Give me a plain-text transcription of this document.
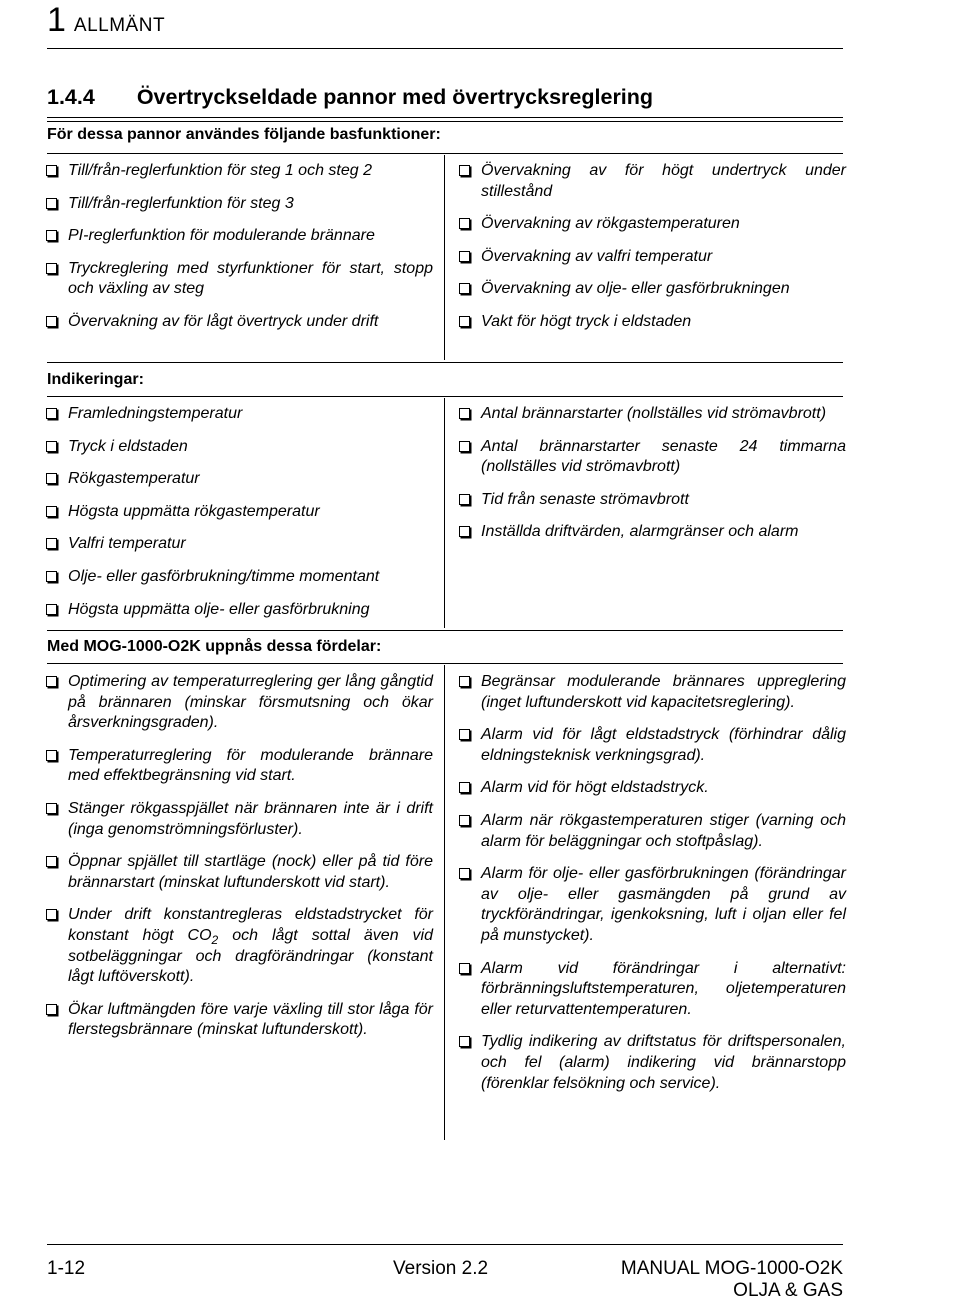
1 ALLMÄNT
1.4.4 Övertryckseldade pannor med övertrycksreglering
För dessa pannor användes följande basfunktioner:
Till/från-reglerfunktion för steg 1 och steg 2
Till/från-reglerfunktion för steg 3
PI-reglerfunktion för modulerande brännare
Tryckreglering med styrfunktioner för start, stopp och växling av steg
Övervakning av för lågt övertryck under drift
Övervakning av för högt undertryck under stillestånd
Övervakning av rökgastemperaturen
Övervakning av valfri temperatur
Övervakning av olje- eller gasförbrukningen
Vakt för högt tryck i eldstaden
Indikeringar:
Framledningstemperatur
Tryck i eldstaden
Rökgastemperatur
Högsta uppmätta rökgastemperatur
Valfri temperatur
Olje- eller gasförbrukning/timme momentant
Högsta uppmätta olje- eller gasförbrukning
Antal brännarstarter (nollställes vid strömavbrott)
Antal brännarstarter senaste 24 timmarna (nollställes vid strömavbrott)
Tid från senaste strömavbrott
Inställda driftvärden, alarmgränser och alarm
Med MOG-1000-O2K uppnås dessa fördelar:
Optimering av temperaturreglering ger lång gångtid på brännaren (minskar försmutsning och ökar årsverkningsgraden).
Temperaturreglering för modulerande brännare med effektbegränsning vid start.
Stänger rökgasspjället när brännaren inte är i drift (inga genomströmningsförluster).
Öppnar spjället till startläge (nock) eller på tid före brännarstart (minskat luftunderskott vid start).
Under drift konstantregleras eldstadstrycket för konstant högt $CO_2$ och lågt sottal även vid sotbeläggningar och dragförändringar (konstant lågt luftöverskott).
Ökar luftmängden före varje växling till stor låga för flerstegsbrännare (minskat luftunderskott).
Begränsar modulerande brännares uppreglering (inget luftunderskott vid kapacitetsreglering).
Alarm vid för lågt eldstadstryck (förhindrar dålig eldningsteknisk verkningsgrad).
Alarm vid för högt eldstadstryck.
Alarm när rökgastemperaturen stiger (varning och alarm för beläggningar och stoftpåslag).
Alarm för olje- eller gasförbrukningen (förändringar av olje- eller gasmängden på grund av tryckförändringar, igenkoksning, luft i oljan eller fel på munstycket).
Alarm vid förändringar i alternativt: förbränningsluftstemperaturen, oljetemperaturen eller returvattentemperaturen.
Tydlig indikering av driftstatus för driftspersonalen, och fel (alarm) indikering vid brännarstopp (förenklar felsökning och service).
1-12	Version 2.2	MANUAL MOG-1000-O2K
OLJA & GAS
